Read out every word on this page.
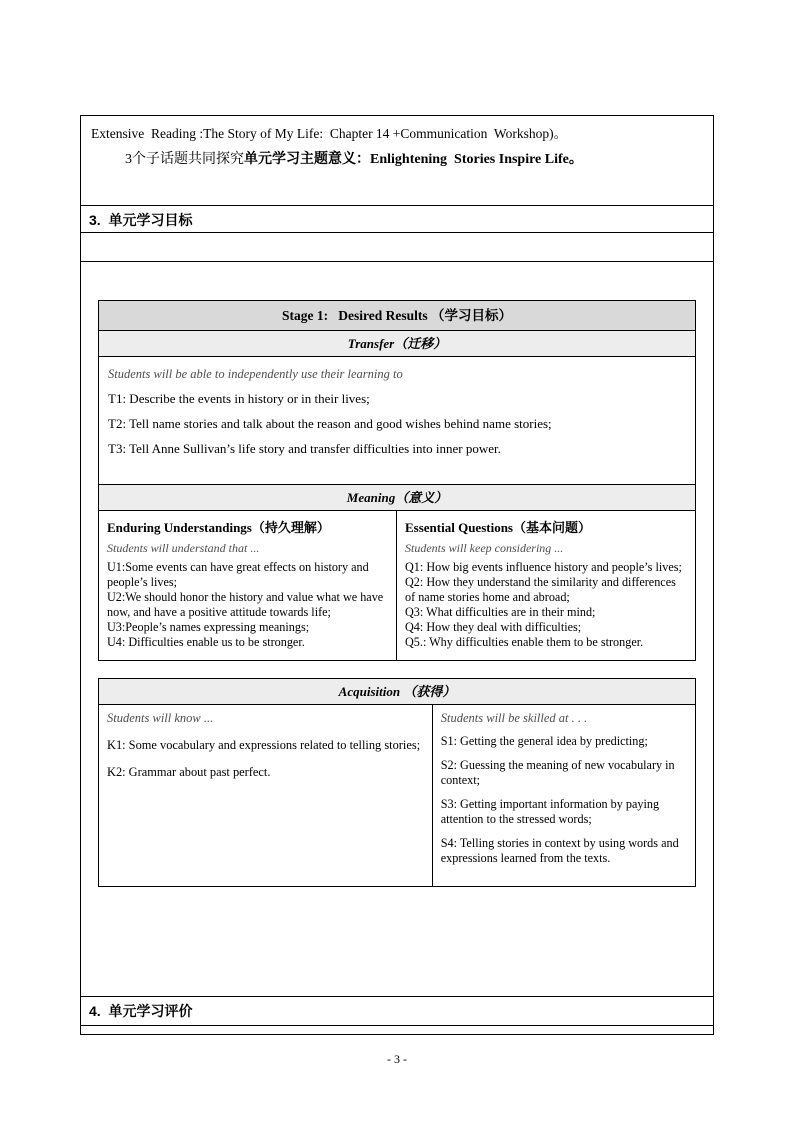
Extensive  Reading :The Story of My Life:  Chapter 14 +Communication  Workshop)。
3个子话题共同探究单元学习主题意义：Enlightening  Stories Inspire Life。
3.  单元学习目标
Stage 1:   Desired Results （学习目标）
Transfer（迁移）
Students will be able to independently use their learning to
T1: Describe the events in history or in their lives;
T2: Tell name stories and talk about the reason and good wishes behind name stories;
T3: Tell Anne Sullivan’s life story and transfer difficulties into inner power.
Meaning（意义）
Enduring Understandings（持久理解）
Students will understand that ...
U1:Some events can have great effects on history and people’s lives;
U2:We should honor the history and value what we have now, and have a positive attitude towards life;
U3:People’s names expressing meanings;
U4: Difficulties enable us to be stronger.
Essential Questions（基本问题）
Students will keep considering ...
Q1: How big events influence history and people’s lives;
Q2: How they understand the similarity and differences of name stories home and abroad;
Q3: What difficulties are in their mind;
Q4: How they deal with difficulties;
Q5.: Why difficulties enable them to be stronger.
Acquisition （获得）
Students will know ...
K1: Some vocabulary and expressions related to telling stories;
K2: Grammar about past perfect.
Students will be skilled at . . .
S1: Getting the general idea by predicting;
S2: Guessing the meaning of new vocabulary in context;
S3: Getting important information by paying attention to the stressed words;
S4: Telling stories in context by using words and expressions learned from the texts.
4.  单元学习评价
- 3 -
